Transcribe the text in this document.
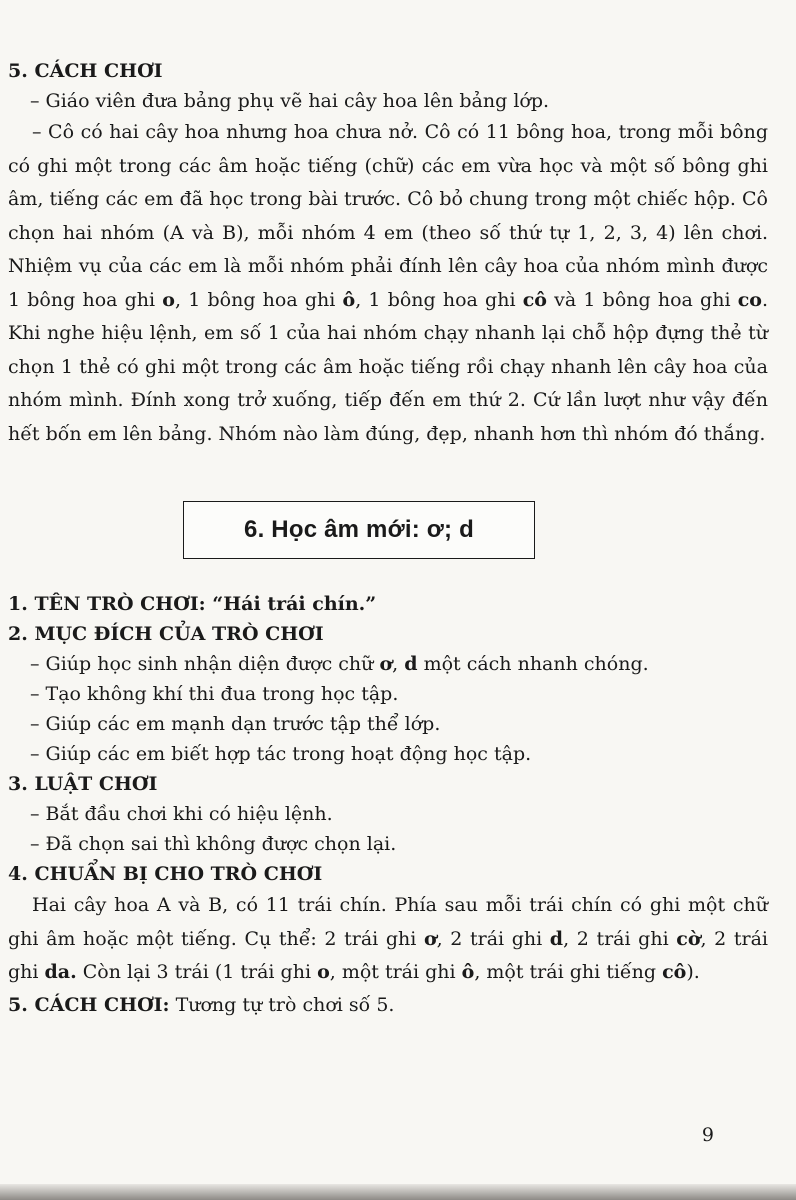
5. CÁCH CHƠI

– Giáo viên đưa bảng phụ vẽ hai cây hoa lên bảng lớp.

– Cô có hai cây hoa nhưng hoa chưa nở. Cô có 11 bông hoa, trong mỗi bông có ghi một trong các âm hoặc tiếng (chữ) các em vừa học và một số bông ghi âm, tiếng các em đã học trong bài trước. Cô bỏ chung trong một chiếc hộp. Cô chọn hai nhóm (A và B), mỗi nhóm 4 em (theo số thứ tự 1, 2, 3, 4) lên chơi. Nhiệm vụ của các em là mỗi nhóm phải đính lên cây hoa của nhóm mình được 1 bông hoa ghi o, 1 bông hoa ghi ô, 1 bông hoa ghi cô và 1 bông hoa ghi co. Khi nghe hiệu lệnh, em số 1 của hai nhóm chạy nhanh lại chỗ hộp đựng thẻ từ chọn 1 thẻ có ghi một trong các âm hoặc tiếng rồi chạy nhanh lên cây hoa của nhóm mình. Đính xong trở xuống, tiếp đến em thứ 2. Cứ lần lượt như vậy đến hết bốn em lên bảng. Nhóm nào làm đúng, đẹp, nhanh hơn thì nhóm đó thắng.

6. Học âm mới: ơ; d

1. TÊN TRÒ CHƠI: “Hái trái chín.”

2. MỤC ĐÍCH CỦA TRÒ CHƠI

– Giúp học sinh nhận diện được chữ ơ, d một cách nhanh chóng.

– Tạo không khí thi đua trong học tập.

– Giúp các em mạnh dạn trước tập thể lớp.

– Giúp các em biết hợp tác trong hoạt động học tập.

3. LUẬT CHƠI

– Bắt đầu chơi khi có hiệu lệnh.

– Đã chọn sai thì không được chọn lại.

4. CHUẨN BỊ CHO TRÒ CHƠI

Hai cây hoa A và B, có 11 trái chín. Phía sau mỗi trái chín có ghi một chữ ghi âm hoặc một tiếng. Cụ thể: 2 trái ghi ơ, 2 trái ghi d, 2 trái ghi cờ, 2 trái ghi da. Còn lại 3 trái (1 trái ghi o, một trái ghi ô, một trái ghi tiếng cô).

5. CÁCH CHƠI: Tương tự trò chơi số 5.

9
